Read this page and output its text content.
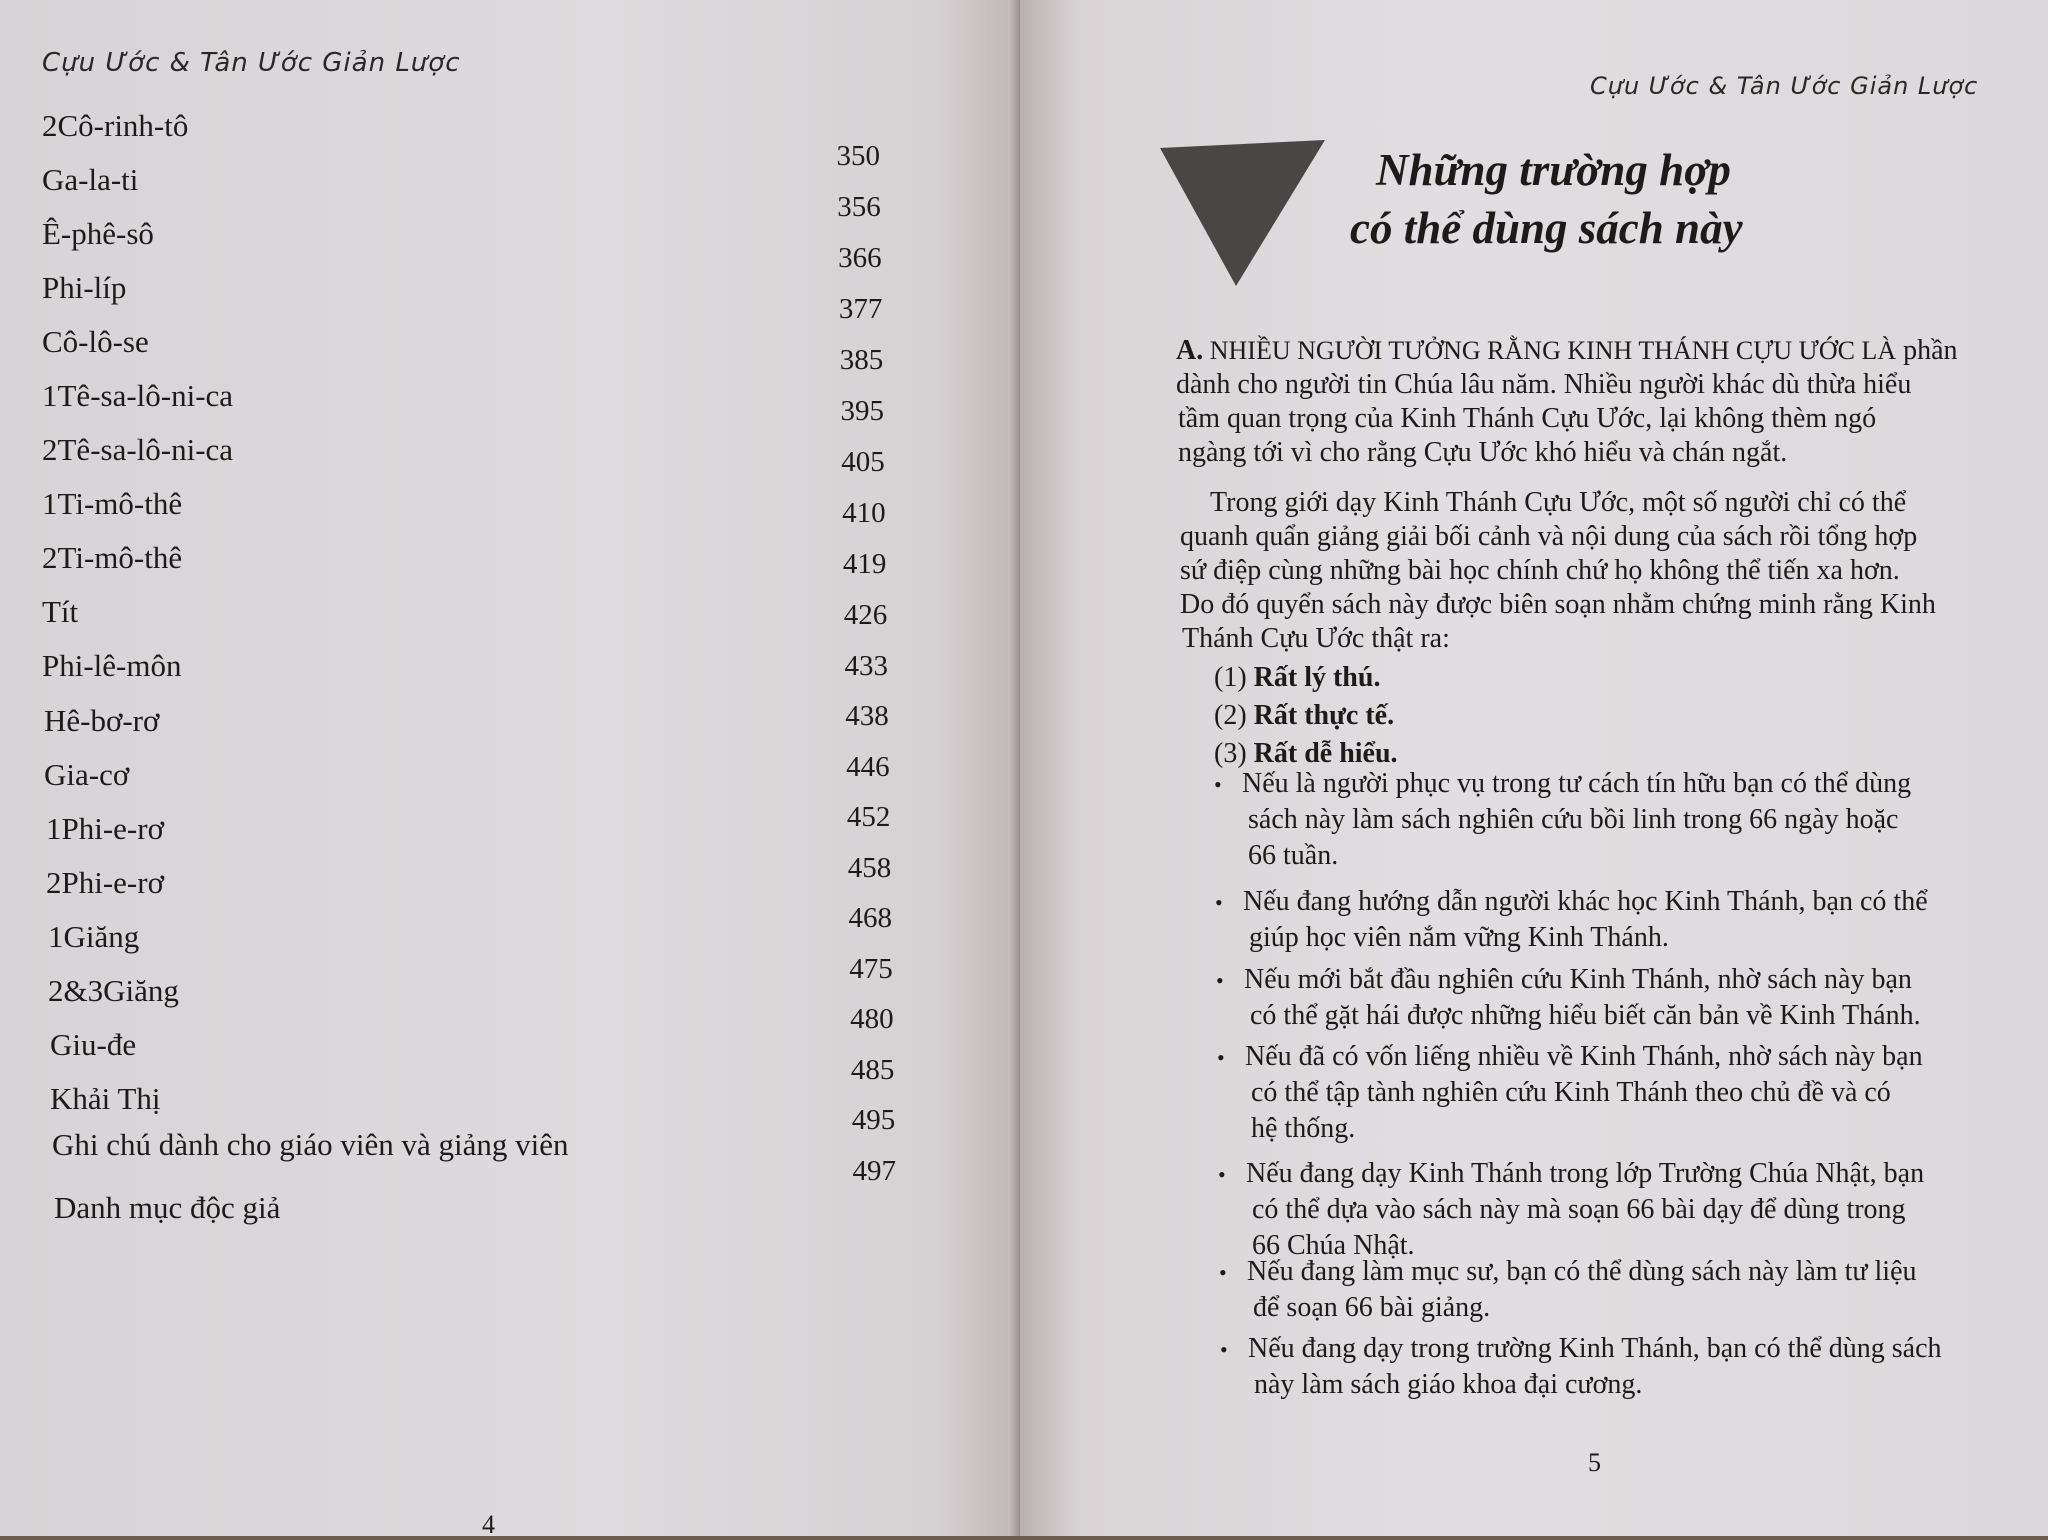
Cựu Ước & Tân Ước Giản Lược
2Cô-rinh-tô
Ga-la-ti
Ê-phê-sô
Phi-líp
Cô-lô-se
1Tê-sa-lô-ni-ca
2Tê-sa-lô-ni-ca
1Ti-mô-thê
2Ti-mô-thê
Tít
Phi-lê-môn
Hê-bơ-rơ
Gia-cơ
1Phi-e-rơ
2Phi-e-rơ
1Giăng
2&3Giăng
Giu-đe
Khải Thị
Ghi chú dành cho giáo viên và giảng viên
Danh mục độc giả
350
356
366
377
385
395
405
410
419
426
433
438
446
452
458
468
475
480
485
495
497
4
Cựu Ước & Tân Ước Giản Lược
Những trường hợp
có thể dùng sách này
A. NHIỀU NGƯỜI TƯỞNG RẰNG KINH THÁNH CỰU ƯỚC LÀ phần
dành cho người tin Chúa lâu năm. Nhiều người khác dù thừa hiểu
tầm quan trọng của Kinh Thánh Cựu Ước, lại không thèm ngó
ngàng tới vì cho rằng Cựu Ước khó hiểu và chán ngắt.
Trong giới dạy Kinh Thánh Cựu Ước, một số người chỉ có thể
quanh quẩn giảng giải bối cảnh và nội dung của sách rồi tổng hợp
sứ điệp cùng những bài học chính chứ họ không thể tiến xa hơn.
Do đó quyển sách này được biên soạn nhằm chứng minh rằng Kinh
Thánh Cựu Ước thật ra:
(1) Rất lý thú.
(2) Rất thực tế.
(3) Rất dễ hiểu.
• Nếu là người phục vụ trong tư cách tín hữu bạn có thể dùng
sách này làm sách nghiên cứu bồi linh trong 66 ngày hoặc
66 tuần.
• Nếu đang hướng dẫn người khác học Kinh Thánh, bạn có thể
giúp học viên nắm vững Kinh Thánh.
• Nếu mới bắt đầu nghiên cứu Kinh Thánh, nhờ sách này bạn
có thể gặt hái được những hiểu biết căn bản về Kinh Thánh.
• Nếu đã có vốn liếng nhiều về Kinh Thánh, nhờ sách này bạn
có thể tập tành nghiên cứu Kinh Thánh theo chủ đề và có
hệ thống.
• Nếu đang dạy Kinh Thánh trong lớp Trường Chúa Nhật, bạn
có thể dựa vào sách này mà soạn 66 bài dạy để dùng trong
66 Chúa Nhật.
• Nếu đang làm mục sư, bạn có thể dùng sách này làm tư liệu
để soạn 66 bài giảng.
• Nếu đang dạy trong trường Kinh Thánh, bạn có thể dùng sách
này làm sách giáo khoa đại cương.
5
